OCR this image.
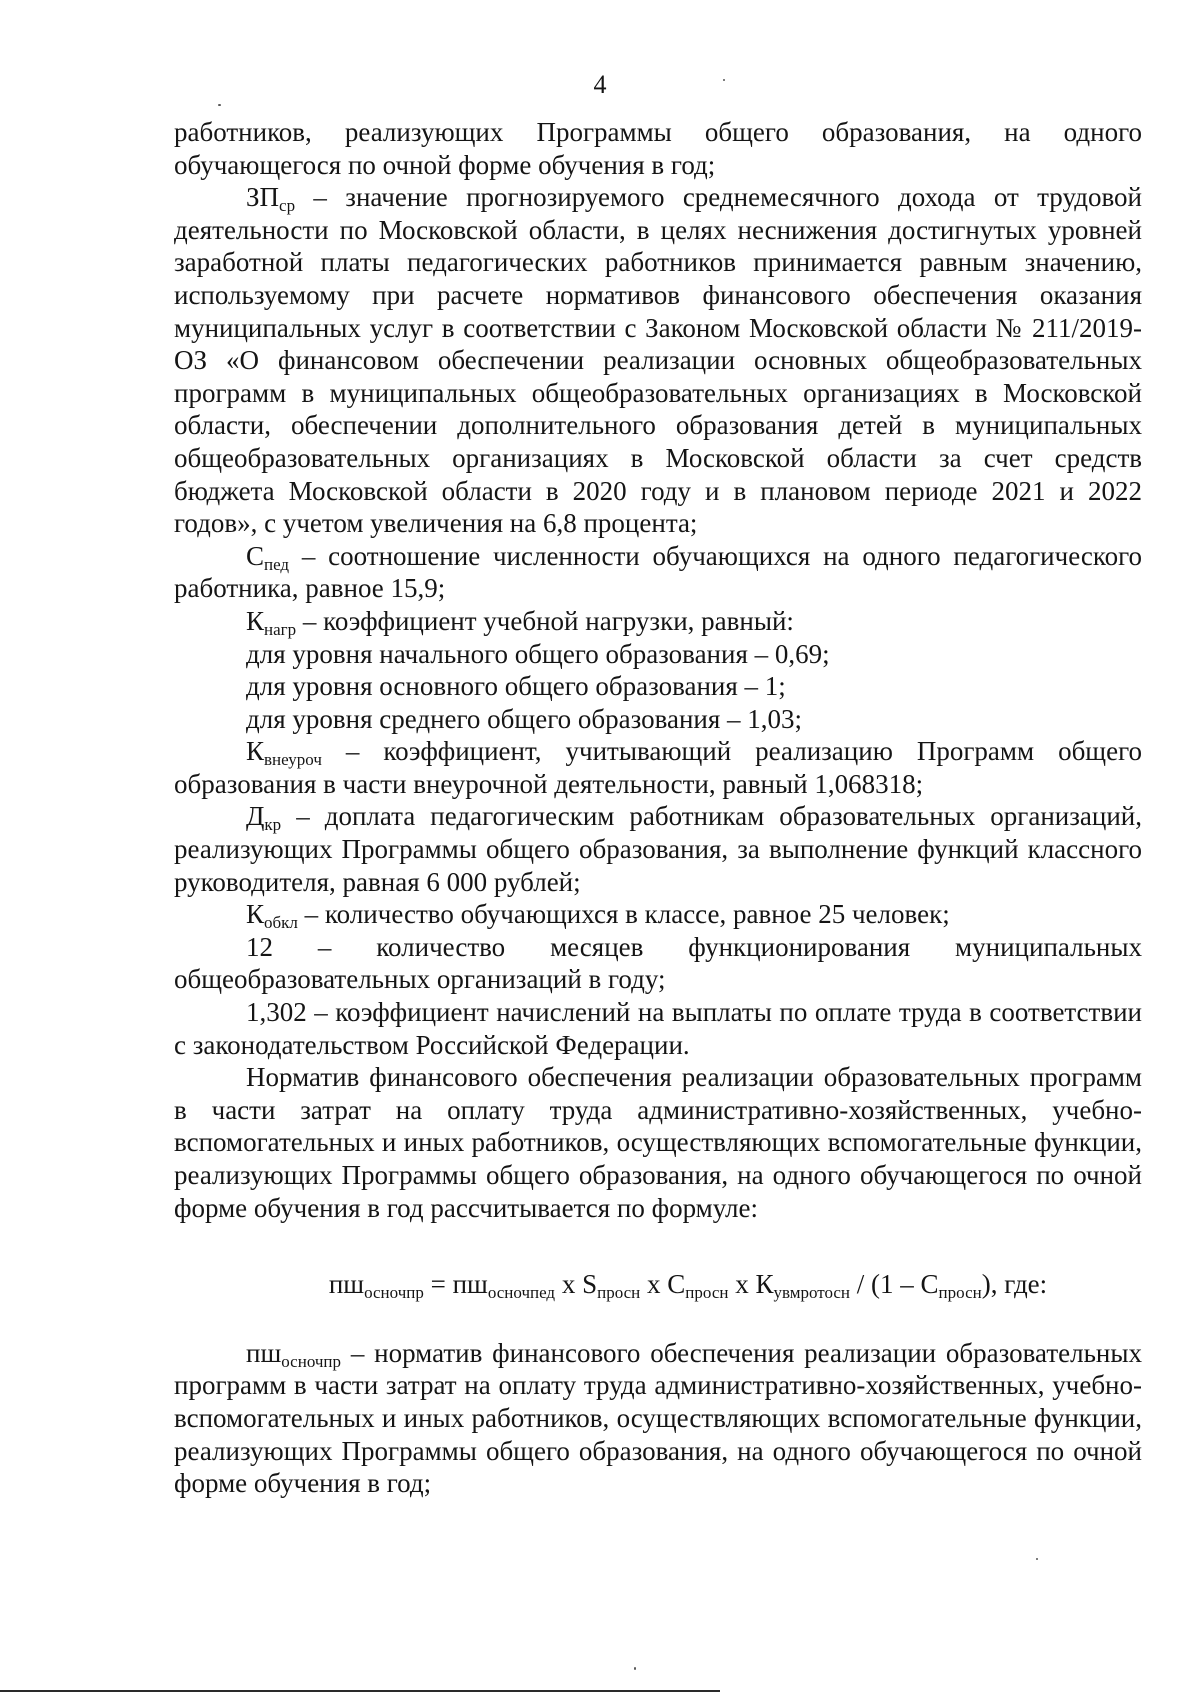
4

работников, реализующих Программы общего образования, на одного обучающегося по очной форме обучения в год;

$ЗП_{ср}$ – значение прогнозируемого среднемесячного дохода от трудовой деятельности по Московской области, в целях неснижения достигнутых уровней заработной платы педагогических работников принимается равным значению, используемому при расчете нормативов финансового обеспечения оказания муниципальных услуг в соответствии с Законом Московской области № 211/2019-ОЗ «О финансовом обеспечении реализации основных общеобразовательных программ в муниципальных общеобразовательных организациях в Московской области, обеспечении дополнительного образования детей в муниципальных общеобразовательных организациях в Московской области за счет средств бюджета Московской области в 2020 году и в плановом периоде 2021 и 2022 годов», с учетом увеличения на 6,8 процента;

$С_{пед}$ – соотношение численности обучающихся на одного педагогического работника, равное 15,9;

$К_{нагр}$ – коэффициент учебной нагрузки, равный:

для уровня начального общего образования – 0,69;

для уровня основного общего образования – 1;

для уровня среднего общего образования – 1,03;

$К_{внеуроч}$ – коэффициент, учитывающий реализацию Программ общего образования в части внеурочной деятельности, равный 1,068318;

$Д_{кр}$ – доплата педагогическим работникам образовательных организаций, реализующих Программы общего образования, за выполнение функций классного руководителя, равная 6 000 рублей;

$К_{обкл}$ – количество обучающихся в классе, равное 25 человек;

12 – количество месяцев функционирования муниципальных общеобразовательных организаций в году;

1,302 – коэффициент начислений на выплаты по оплате труда в соответствии с законодательством Российской Федерации.

Норматив финансового обеспечения реализации образовательных программ в части затрат на оплату труда административно-хозяйственных, учебно-вспомогательных и иных работников, осуществляющих вспомогательные функции, реализующих Программы общего образования, на одного обучающегося по очной форме обучения в год рассчитывается по формуле:

$пш_{осночпр} = пш_{осночпед}$ х $S_{просн}$ х $С_{просн}$ х $К_{увмротосн} / (1 - С_{просн})$, где:

$пш_{осночпр}$ – норматив финансового обеспечения реализации образовательных программ в части затрат на оплату труда административно-хозяйственных, учебно-вспомогательных и иных работников, осуществляющих вспомогательные функции, реализующих Программы общего образования, на одного обучающегося по очной форме обучения в год;
